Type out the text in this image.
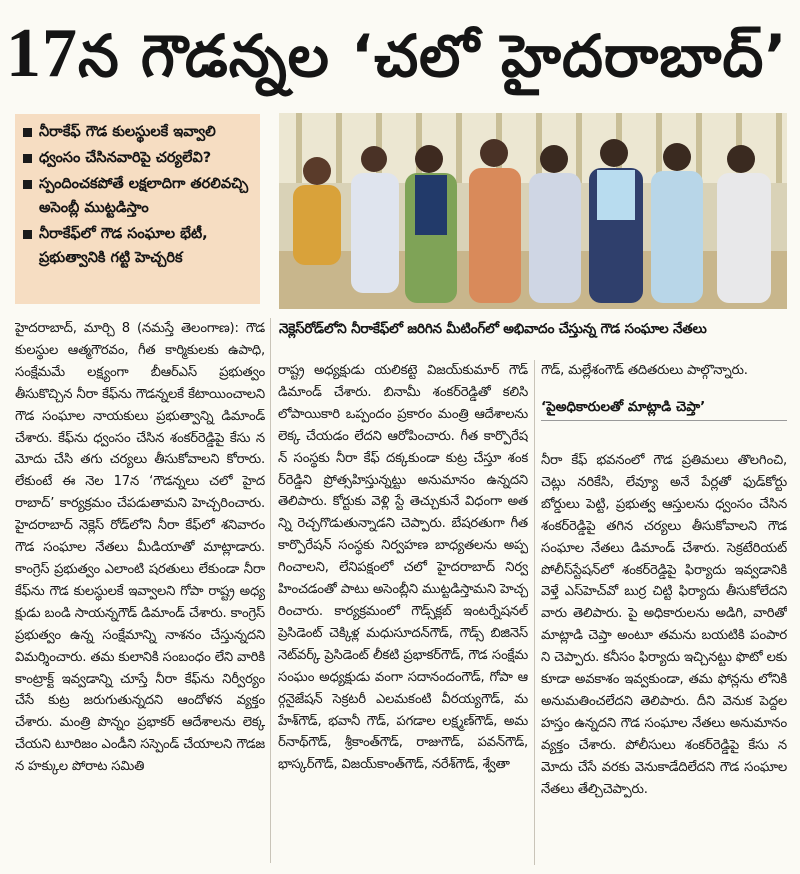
17న గౌడన్నల ‘చలో హైదరాబాద్’
నీరాకేఫ్ గౌడ కులస్థులకే ఇవ్వాలి
ధ్వంసం చేసినవారిపై చర్యలేవి?
స్పందించకపోతే లక్షలాదిగా తరలివచ్చి అసెంబ్లీ ముట్టడిస్తాం
నీరాకేఫ్‌లో గౌడ సంఘాల భేటీ, ప్రభుత్వానికి గట్టి హెచ్చరిక
నెక్లెస్‌రోడ్‌లోని నీరాకేఫ్‌లో జరిగిన మీటింగ్‌లో అభివాదం చేస్తున్న గౌడ సంఘాల నేతలు
హైదరాబాద్, మార్చి 8 (నమస్తే తెలంగాణ): గౌడ కులస్థుల ఆత్మగౌరవం, గీత కార్మికులకు ఉపాధి, సంక్షేమమే లక్ష్యంగా బీఆర్ఎస్ ప్రభుత్వం తీసుకొచ్చిన నీరా కేఫ్‌ను గౌడన్నలకే కేటాయించాలని గౌడ సంఘాల నాయకులు ప్రభుత్వాన్ని డిమాండ్ చేశారు. కేఫ్‌ను ధ్వంసం చేసిన శంకర్‌రెడ్డిపై కేసు నమోదు చేసి తగు చర్యలు తీసుకోవాలని కోరారు. లేకుంటే ఈ నెల 17న ‘గౌడన్నలు చలో హైదరాబాద్’ కార్యక్రమం చేపడుతామని హెచ్చరించారు. హైదరాబాద్ నెక్లెస్ రోడ్‌లోని నీరా కేఫ్‌లో శనివారం గౌడ సంఘాల నేతలు మీడియాతో మాట్లాడారు. కాంగ్రెస్ ప్రభుత్వం ఎలాంటి షరతులు లేకుండా నీరా కేఫ్‌ను గౌడ కులస్థులకే ఇవ్వాలని గోపా రాష్ట్ర అధ్యక్షుడు బండి సాయన్నగౌడ్ డిమాండ్ చేశారు. కాంగ్రెస్ ప్రభుత్వం ఉన్న సంక్షేమాన్ని నాశనం చేస్తున్నదని విమర్శించారు. తమ కులానికి సంబంధం లేని వారికి కాంట్రాక్ట్ ఇవ్వడాన్ని చూస్తే నీరా కేఫ్‌ను నిర్వీర్యం చేసే కుట్ర జరుగుతున్నదని ఆందోళన వ్యక్తం చేశారు. మంత్రి పొన్నం ప్రభాకర్ ఆదేశాలను లెక్కచేయని టూరిజం ఎండీని సస్పెండ్ చేయాలని గౌడజన హక్కుల పోరాట సమితి
రాష్ట్ర అధ్యక్షుడు యలికట్టె విజయ్‌కుమార్ గౌడ్ డిమాండ్ చేశారు. బినామీ శంకర్‌రెడ్డితో కలిసి లోపాయికారి ఒప్పందం ప్రకారం మంత్రి ఆదేశాలను లెక్క చేయడం లేదని ఆరోపించారు. గీత కార్పొరేషన్ సంస్థకు నీరా కేఫ్ దక్కకుండా కుట్ర చేస్తూ శంకర్‌రెడ్డిని ప్రోత్సహిస్తున్నట్టు అనుమానం ఉన్నదని తెలిపారు. కోర్టుకు వెళ్లి స్టే తెచ్చుకునే విధంగా అతన్ని రెచ్చగొడుతున్నాడని చెప్పారు. బేషరతుగా గీత కార్పొరేషన్ సంస్థకు నిర్వహణ బాధ్యతలను అప్పగించాలని, లేనిపక్షంలో చలో హైదరాబాద్ నిర్వహించడంతో పాటు అసెంబ్లీని ముట్టడిస్తామని హెచ్చరించారు. కార్యక్రమంలో గౌడ్స్‌క్లబ్ ఇంటర్నేషనల్ ప్రెసిడెంట్ చెక్కిళ్ల మధుసూదన్‌గౌడ్, గౌడ్స్ బిజినెస్ నెట్‌వర్క్ ప్రెసిడెంట్ లీకటి ప్రభాకర్‌గౌడ్, గౌడ సంక్షేమ సంఘం అధ్యక్షుడు వంగా సదానందంగౌడ్, గోపా ఆర్గనైజేషన్ సెక్రటరీ ఎలమకంటి వీరయ్యగౌడ్, మహేశ్‌గౌడ్, భవానీ గౌడ్, పగడాల లక్ష్మణ్‌గౌడ్, అమర్‌నాథ్‌గౌడ్, శ్రీకాంత్‌గౌడ్, రాజుగౌడ్, పవన్‌గౌడ్, భాస్కర్‌గౌడ్, విజయ్‌కాంత్‌గౌడ్, నరేశ్‌గౌడ్, శ్వేతా
గౌడ్, మల్లేశంగౌడ్ తదితరులు పాల్గొన్నారు.
‘పైఅధికారులతో మాట్లాడి చెప్తా’
నీరా కేఫ్ భవనంలో గౌడ ప్రతిమలు తొలగించి, చెట్లు నరికేసి, లేవ్యూ అనే పేర్లతో ఫుడ్‌కోర్టు బోర్డులు పెట్టి, ప్రభుత్వ ఆస్తులను ధ్వంసం చేసిన శంకర్‌రెడ్డిపై తగిన చర్యలు తీసుకోవాలని గౌడ సంఘాల నేతలు డిమాండ్ చేశారు. సెక్రటేరియట్ పోలీస్‌స్టేషన్‌లో శంకర్‌రెడ్డిపై ఫిర్యాదు ఇవ్వడానికి వెళ్తే ఎస్‌హెచ్‌వో బుర్ర చిట్టి ఫిర్యాదు తీసుకోలేదని వారు తెలిపారు. పై అధికారులను అడిగి, వారితో మాట్లాడి చెప్తా అంటూ తమను బయటికి పంపారని చెప్పారు. కనీసం ఫిర్యాదు ఇచ్చినట్టు ఫొటో లకు కూడా అవకాశం ఇవ్వకుండా, తమ ఫోన్లను లోనికి అనుమతించలేదని తెలిపారు. దీని వెనుక పెద్దల హస్తం ఉన్నదని గౌడ సంఘాల నేతలు అనుమానం వ్యక్తం చేశారు. పోలీసులు శంకర్‌రెడ్డిపై కేసు నమోదు చేసే వరకు వెనుకాడేదిలేదని గౌడ సంఘాల నేతలు తేల్చిచెప్పారు.
